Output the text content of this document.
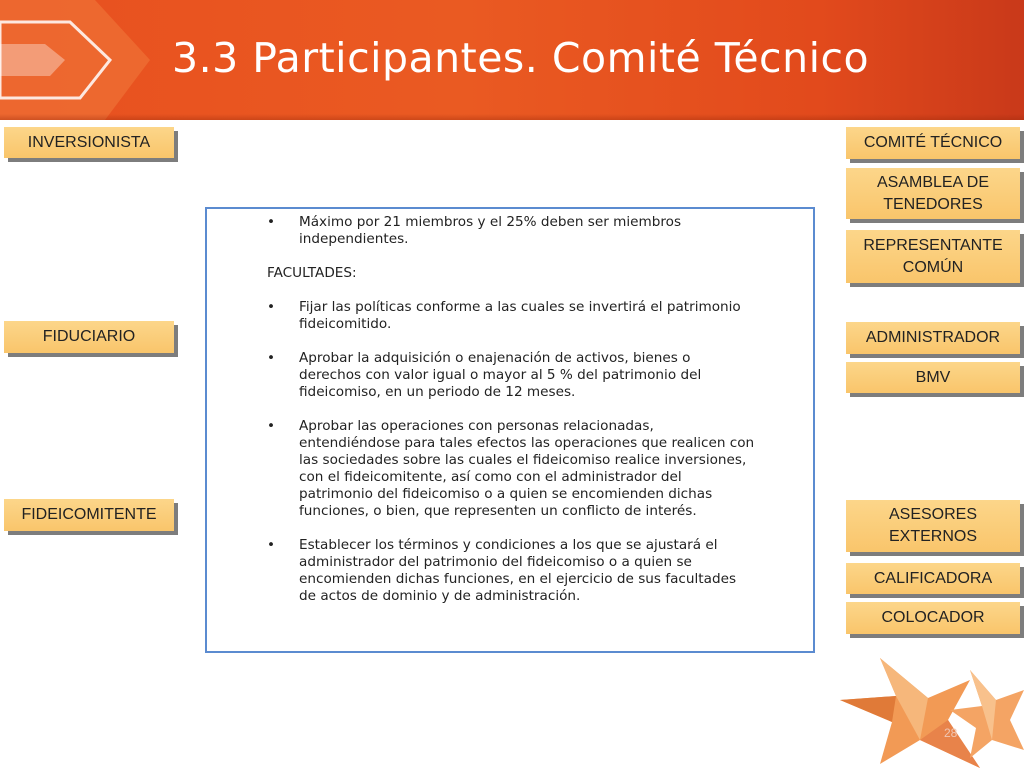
3.3 Participantes. Comité Técnico
INVERSIONISTA
FIDUCIARIO
FIDEICOMITENTE
COMITÉ TÉCNICO
ASAMBLEA DE
TENEDORES
REPRESENTANTE
COMÚN
ADMINISTRADOR
BMV
ASESORES
EXTERNOS
CALIFICADORA
COLOCADOR
• Máximo por 21 miembros y el 25% deben ser miembros
independientes.

FACULTADES:

• Fijar las políticas conforme a las cuales se invertirá el patrimonio
fideicomitido.
• Aprobar la adquisición o enajenación de activos, bienes o
derechos con valor igual o mayor al 5 % del patrimonio del
fideicomiso, en un periodo de 12 meses.
• Aprobar las operaciones con personas relacionadas,
entendiéndose para tales efectos las operaciones que realicen con
las sociedades sobre las cuales el fideicomiso realice inversiones,
con el fideicomitente, así como con el administrador del
patrimonio del fideicomiso o a quien se encomienden dichas
funciones, o bien, que representen un conflicto de interés.
• Establecer los términos y condiciones a los que se ajustará el
administrador del patrimonio del fideicomiso o a quien se
encomienden dichas funciones, en el ejercicio de sus facultades
de actos de dominio y de administración.
28
